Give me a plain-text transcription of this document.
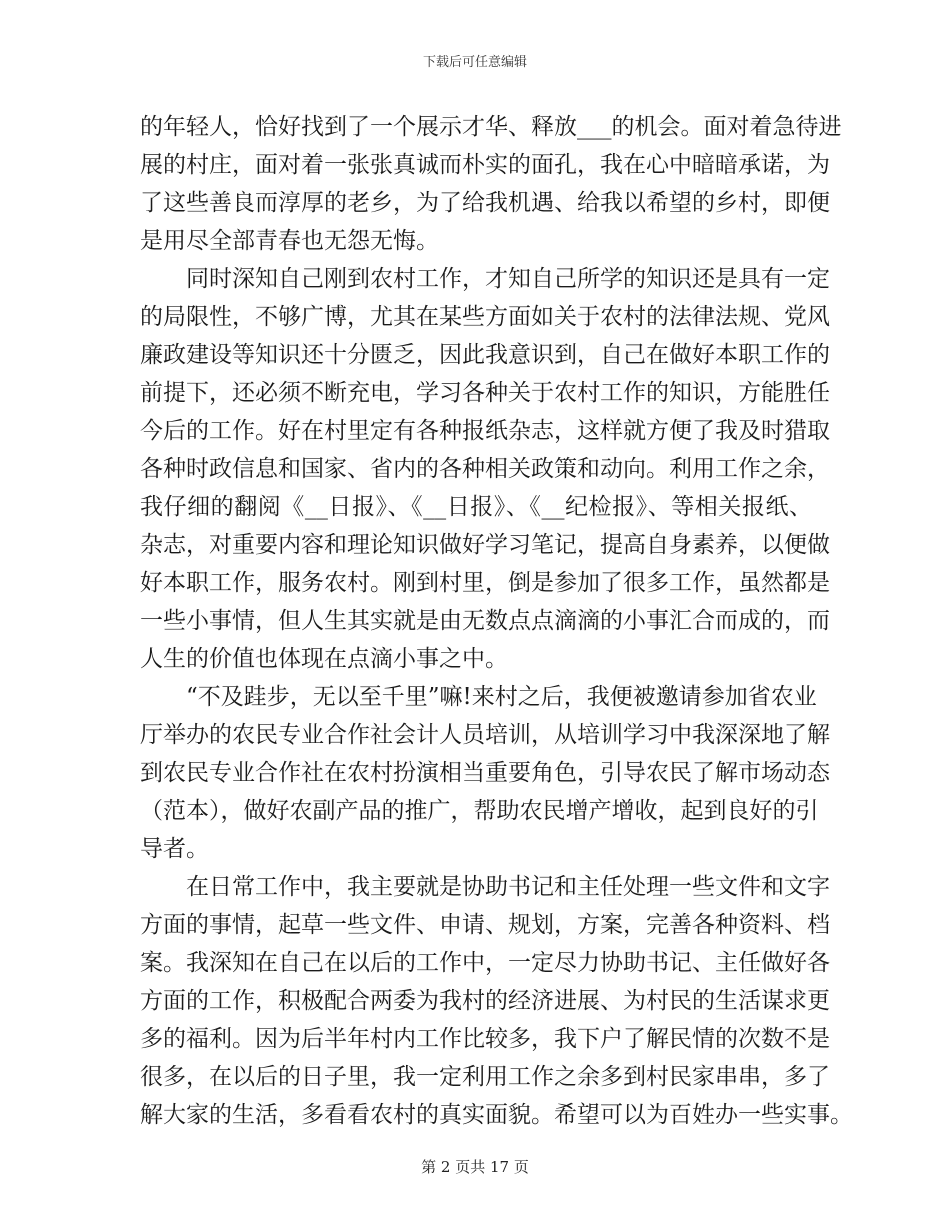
下载后可任意编辑
的年轻人，恰好找到了一个展示才华、释放___的机会。面对着急待进
展的村庄，面对着一张张真诚而朴实的面孔，我在心中暗暗承诺，为
了这些善良而淳厚的老乡，为了给我机遇、给我以希望的乡村，即便
是用尽全部青春也无怨无悔。
同时深知自己刚到农村工作，才知自己所学的知识还是具有一定
的局限性，不够广博，尤其在某些方面如关于农村的法律法规、党风
廉政建设等知识还十分匮乏，因此我意识到，自己在做好本职工作的
前提下，还必须不断充电，学习各种关于农村工作的知识，方能胜任
今后的工作。好在村里定有各种报纸杂志，这样就方便了我及时猎取
各种时政信息和国家、省内的各种相关政策和动向。利用工作之余，
我仔细的翻阅《__日报》、《__日报》、《__纪检报》、等相关报纸、
杂志，对重要内容和理论知识做好学习笔记，提高自身素养，以便做
好本职工作，服务农村。刚到村里，倒是参加了很多工作，虽然都是
一些小事情，但人生其实就是由无数点点滴滴的小事汇合而成的，而
人生的价值也体现在点滴小事之中。
“不及跬步，无以至千里”嘛!来村之后，我便被邀请参加省农业
厅举办的农民专业合作社会计人员培训，从培训学习中我深深地了解
到农民专业合作社在农村扮演相当重要角色，引导农民了解市场动态
（范本），做好农副产品的推广，帮助农民增产增收，起到良好的引
导者。
在日常工作中，我主要就是协助书记和主任处理一些文件和文字
方面的事情，起草一些文件、申请、规划，方案，完善各种资料、档
案。我深知在自己在以后的工作中，一定尽力协助书记、主任做好各
方面的工作，积极配合两委为我村的经济进展、为村民的生活谋求更
多的福利。因为后半年村内工作比较多，我下户了解民情的次数不是
很多，在以后的日子里，我一定利用工作之余多到村民家串串，多了
解大家的生活，多看看农村的真实面貌。希望可以为百姓办一些实事。
第 2 页共 17 页
